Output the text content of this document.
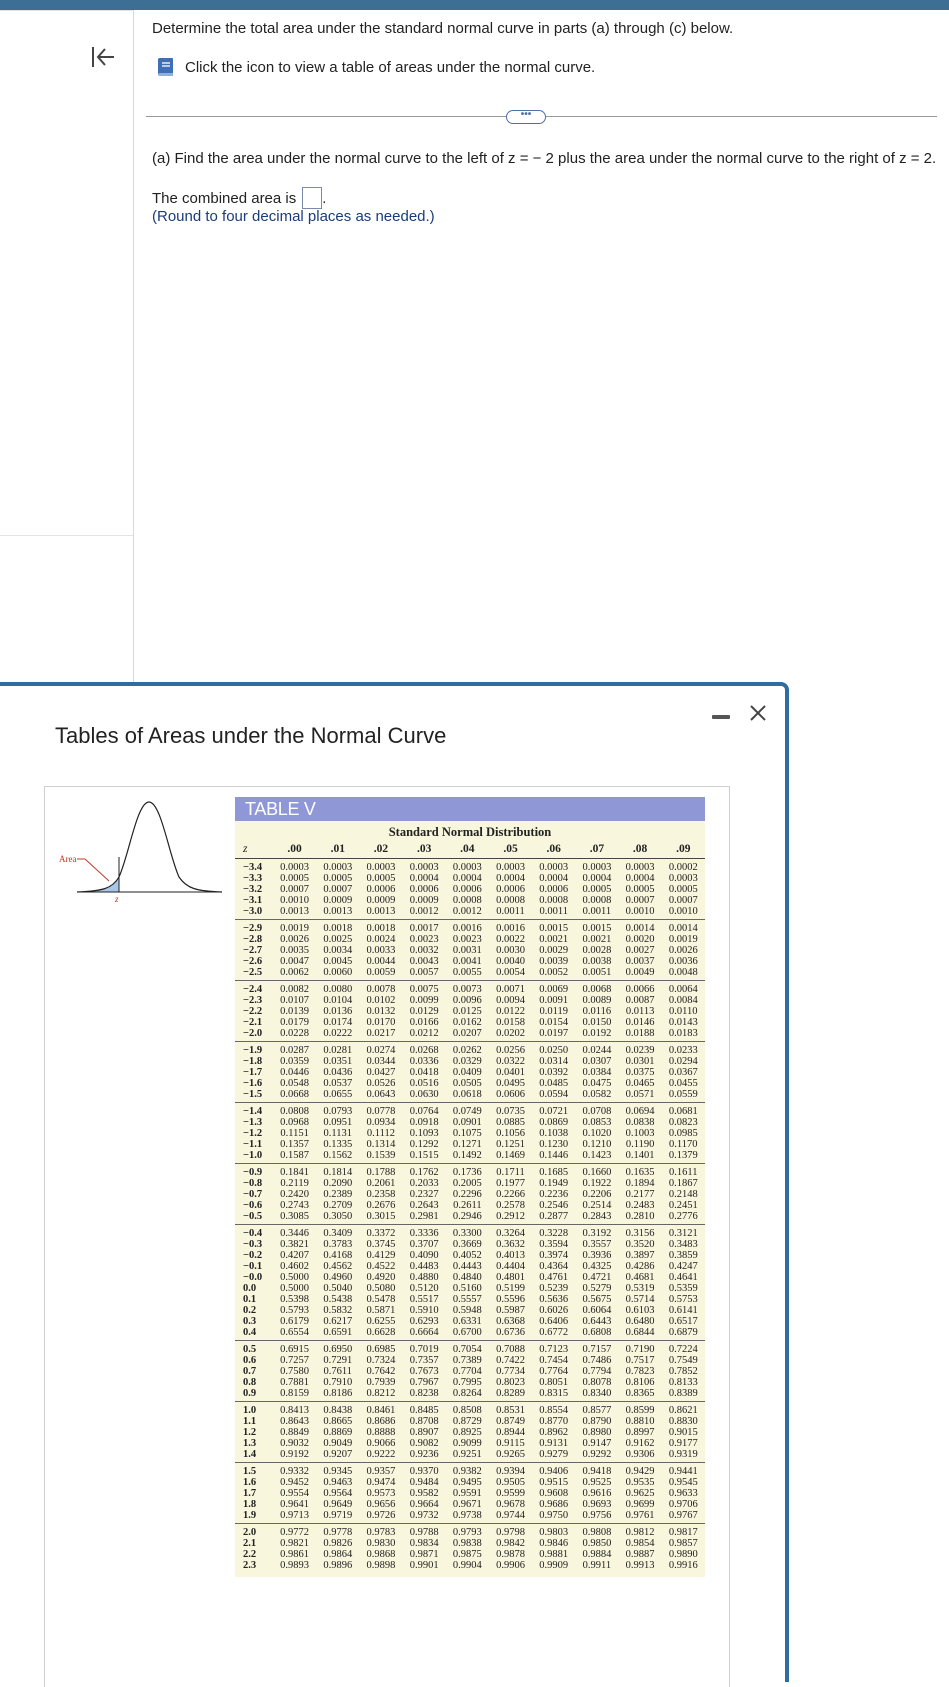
Determine the total area under the standard normal curve in parts (a) through (c) below.
Click the icon to view a table of areas under the normal curve.
•••
(a) Find the area under the normal curve to the left of z = − 2 plus the area under the normal curve to the right of z = 2.
The combined area is .
(Round to four decimal places as needed.)
Tables of Areas under the Normal Curve
Area
z
TABLE V
Standard Normal Distribution
z	.00	.01	.02	.03	.04	.05	.06	.07	.08	.09
−3.4	0.0003	0.0003	0.0003	0.0003	0.0003	0.0003	0.0003	0.0003	0.0003	0.0002
−3.3	0.0005	0.0005	0.0005	0.0004	0.0004	0.0004	0.0004	0.0004	0.0004	0.0003
−3.2	0.0007	0.0007	0.0006	0.0006	0.0006	0.0006	0.0006	0.0005	0.0005	0.0005
−3.1	0.0010	0.0009	0.0009	0.0009	0.0008	0.0008	0.0008	0.0008	0.0007	0.0007
−3.0	0.0013	0.0013	0.0013	0.0012	0.0012	0.0011	0.0011	0.0011	0.0010	0.0010
−2.9	0.0019	0.0018	0.0018	0.0017	0.0016	0.0016	0.0015	0.0015	0.0014	0.0014
−2.8	0.0026	0.0025	0.0024	0.0023	0.0023	0.0022	0.0021	0.0021	0.0020	0.0019
−2.7	0.0035	0.0034	0.0033	0.0032	0.0031	0.0030	0.0029	0.0028	0.0027	0.0026
−2.6	0.0047	0.0045	0.0044	0.0043	0.0041	0.0040	0.0039	0.0038	0.0037	0.0036
−2.5	0.0062	0.0060	0.0059	0.0057	0.0055	0.0054	0.0052	0.0051	0.0049	0.0048
−2.4	0.0082	0.0080	0.0078	0.0075	0.0073	0.0071	0.0069	0.0068	0.0066	0.0064
−2.3	0.0107	0.0104	0.0102	0.0099	0.0096	0.0094	0.0091	0.0089	0.0087	0.0084
−2.2	0.0139	0.0136	0.0132	0.0129	0.0125	0.0122	0.0119	0.0116	0.0113	0.0110
−2.1	0.0179	0.0174	0.0170	0.0166	0.0162	0.0158	0.0154	0.0150	0.0146	0.0143
−2.0	0.0228	0.0222	0.0217	0.0212	0.0207	0.0202	0.0197	0.0192	0.0188	0.0183
−1.9	0.0287	0.0281	0.0274	0.0268	0.0262	0.0256	0.0250	0.0244	0.0239	0.0233
−1.8	0.0359	0.0351	0.0344	0.0336	0.0329	0.0322	0.0314	0.0307	0.0301	0.0294
−1.7	0.0446	0.0436	0.0427	0.0418	0.0409	0.0401	0.0392	0.0384	0.0375	0.0367
−1.6	0.0548	0.0537	0.0526	0.0516	0.0505	0.0495	0.0485	0.0475	0.0465	0.0455
−1.5	0.0668	0.0655	0.0643	0.0630	0.0618	0.0606	0.0594	0.0582	0.0571	0.0559
−1.4	0.0808	0.0793	0.0778	0.0764	0.0749	0.0735	0.0721	0.0708	0.0694	0.0681
−1.3	0.0968	0.0951	0.0934	0.0918	0.0901	0.0885	0.0869	0.0853	0.0838	0.0823
−1.2	0.1151	0.1131	0.1112	0.1093	0.1075	0.1056	0.1038	0.1020	0.1003	0.0985
−1.1	0.1357	0.1335	0.1314	0.1292	0.1271	0.1251	0.1230	0.1210	0.1190	0.1170
−1.0	0.1587	0.1562	0.1539	0.1515	0.1492	0.1469	0.1446	0.1423	0.1401	0.1379
−0.9	0.1841	0.1814	0.1788	0.1762	0.1736	0.1711	0.1685	0.1660	0.1635	0.1611
−0.8	0.2119	0.2090	0.2061	0.2033	0.2005	0.1977	0.1949	0.1922	0.1894	0.1867
−0.7	0.2420	0.2389	0.2358	0.2327	0.2296	0.2266	0.2236	0.2206	0.2177	0.2148
−0.6	0.2743	0.2709	0.2676	0.2643	0.2611	0.2578	0.2546	0.2514	0.2483	0.2451
−0.5	0.3085	0.3050	0.3015	0.2981	0.2946	0.2912	0.2877	0.2843	0.2810	0.2776
−0.4	0.3446	0.3409	0.3372	0.3336	0.3300	0.3264	0.3228	0.3192	0.3156	0.3121
−0.3	0.3821	0.3783	0.3745	0.3707	0.3669	0.3632	0.3594	0.3557	0.3520	0.3483
−0.2	0.4207	0.4168	0.4129	0.4090	0.4052	0.4013	0.3974	0.3936	0.3897	0.3859
−0.1	0.4602	0.4562	0.4522	0.4483	0.4443	0.4404	0.4364	0.4325	0.4286	0.4247
−0.0	0.5000	0.4960	0.4920	0.4880	0.4840	0.4801	0.4761	0.4721	0.4681	0.4641
0.0	0.5000	0.5040	0.5080	0.5120	0.5160	0.5199	0.5239	0.5279	0.5319	0.5359
0.1	0.5398	0.5438	0.5478	0.5517	0.5557	0.5596	0.5636	0.5675	0.5714	0.5753
0.2	0.5793	0.5832	0.5871	0.5910	0.5948	0.5987	0.6026	0.6064	0.6103	0.6141
0.3	0.6179	0.6217	0.6255	0.6293	0.6331	0.6368	0.6406	0.6443	0.6480	0.6517
0.4	0.6554	0.6591	0.6628	0.6664	0.6700	0.6736	0.6772	0.6808	0.6844	0.6879
0.5	0.6915	0.6950	0.6985	0.7019	0.7054	0.7088	0.7123	0.7157	0.7190	0.7224
0.6	0.7257	0.7291	0.7324	0.7357	0.7389	0.7422	0.7454	0.7486	0.7517	0.7549
0.7	0.7580	0.7611	0.7642	0.7673	0.7704	0.7734	0.7764	0.7794	0.7823	0.7852
0.8	0.7881	0.7910	0.7939	0.7967	0.7995	0.8023	0.8051	0.8078	0.8106	0.8133
0.9	0.8159	0.8186	0.8212	0.8238	0.8264	0.8289	0.8315	0.8340	0.8365	0.8389
1.0	0.8413	0.8438	0.8461	0.8485	0.8508	0.8531	0.8554	0.8577	0.8599	0.8621
1.1	0.8643	0.8665	0.8686	0.8708	0.8729	0.8749	0.8770	0.8790	0.8810	0.8830
1.2	0.8849	0.8869	0.8888	0.8907	0.8925	0.8944	0.8962	0.8980	0.8997	0.9015
1.3	0.9032	0.9049	0.9066	0.9082	0.9099	0.9115	0.9131	0.9147	0.9162	0.9177
1.4	0.9192	0.9207	0.9222	0.9236	0.9251	0.9265	0.9279	0.9292	0.9306	0.9319
1.5	0.9332	0.9345	0.9357	0.9370	0.9382	0.9394	0.9406	0.9418	0.9429	0.9441
1.6	0.9452	0.9463	0.9474	0.9484	0.9495	0.9505	0.9515	0.9525	0.9535	0.9545
1.7	0.9554	0.9564	0.9573	0.9582	0.9591	0.9599	0.9608	0.9616	0.9625	0.9633
1.8	0.9641	0.9649	0.9656	0.9664	0.9671	0.9678	0.9686	0.9693	0.9699	0.9706
1.9	0.9713	0.9719	0.9726	0.9732	0.9738	0.9744	0.9750	0.9756	0.9761	0.9767
2.0	0.9772	0.9778	0.9783	0.9788	0.9793	0.9798	0.9803	0.9808	0.9812	0.9817
2.1	0.9821	0.9826	0.9830	0.9834	0.9838	0.9842	0.9846	0.9850	0.9854	0.9857
2.2	0.9861	0.9864	0.9868	0.9871	0.9875	0.9878	0.9881	0.9884	0.9887	0.9890
2.3	0.9893	0.9896	0.9898	0.9901	0.9904	0.9906	0.9909	0.9911	0.9913	0.9916
